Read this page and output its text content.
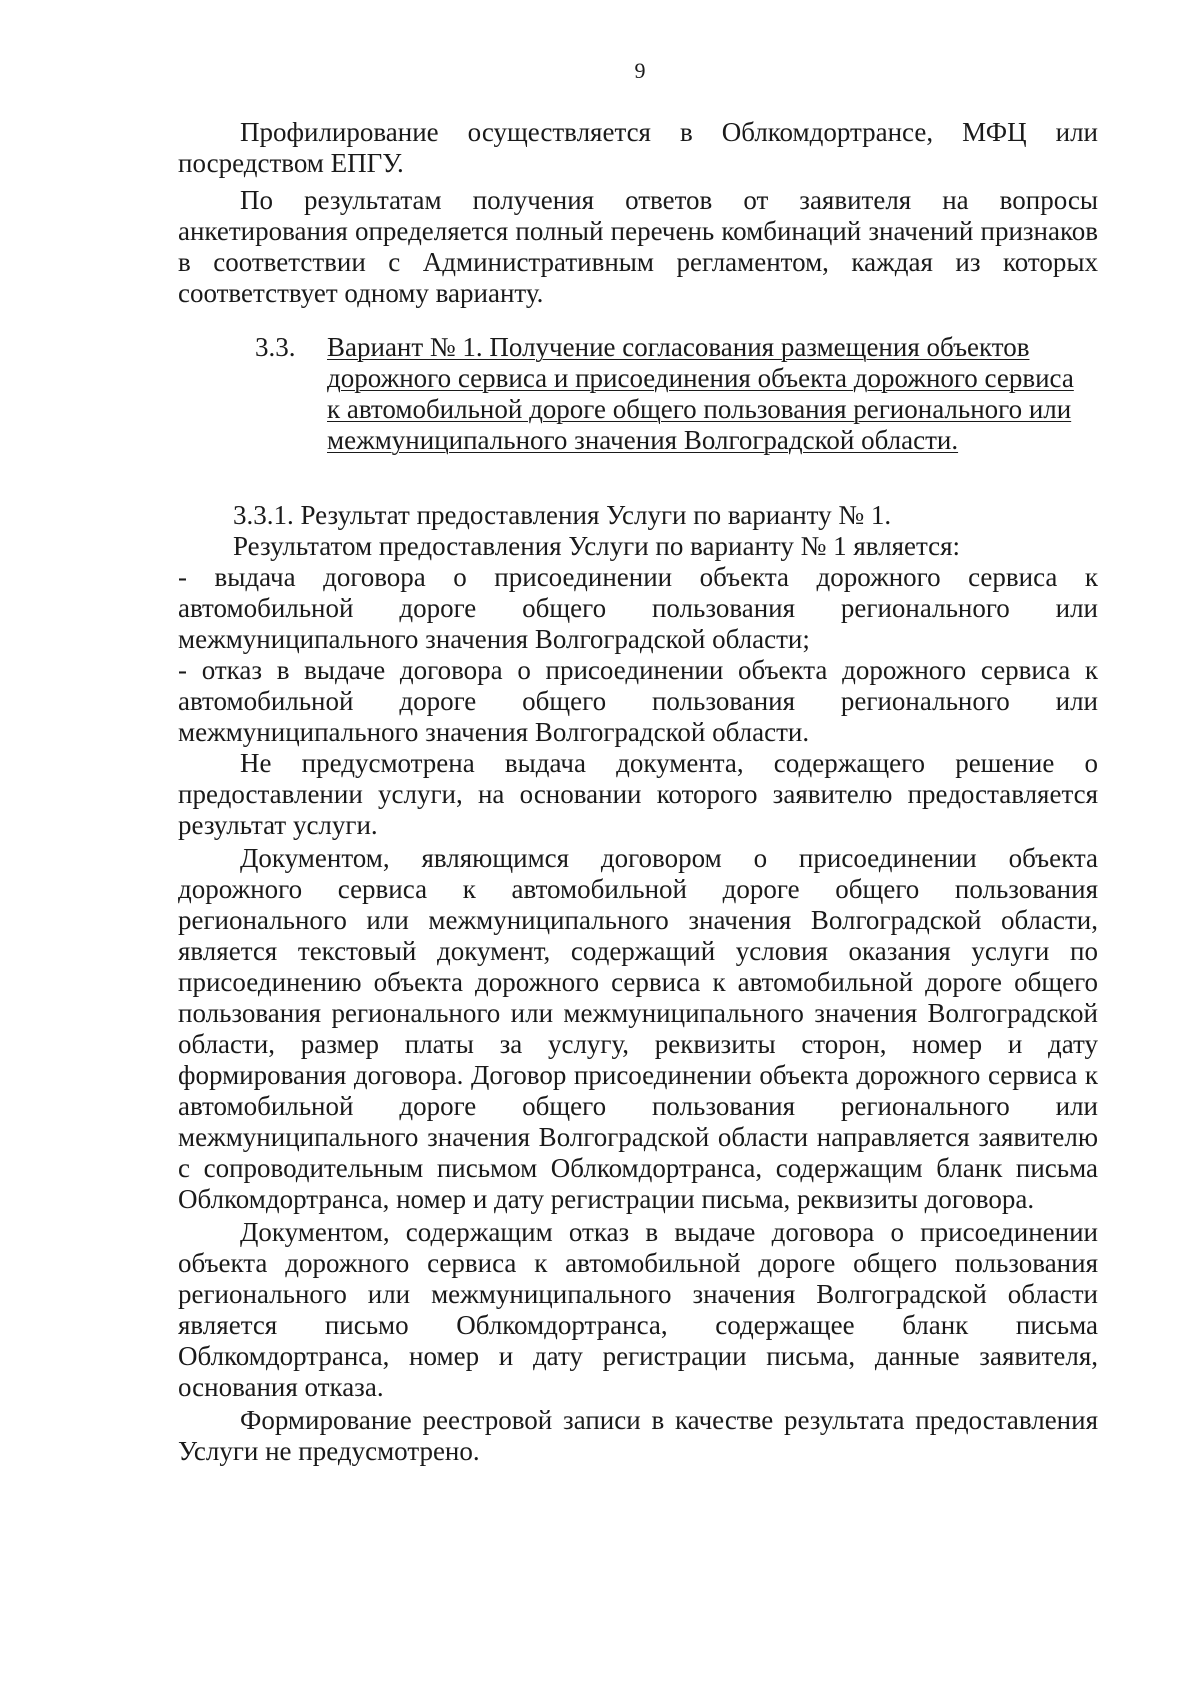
9

Профилирование осуществляется в Облкомдортрансе, МФЦ или посредством ЕПГУ.

По результатам получения ответов от заявителя на вопросы анкетирования определяется полный перечень комбинаций значений признаков в соответствии с Административным регламентом, каждая из которых соответствует одному варианту.

3.3. Вариант № 1. Получение согласования размещения объектов дорожного сервиса и присоединения объекта дорожного сервиса к автомобильной дороге общего пользования регионального или межмуниципального значения Волгоградской области.

3.3.1. Результат предоставления Услуги по варианту № 1.

Результатом предоставления Услуги по варианту № 1 является:

- выдача договора о присоединении объекта дорожного сервиса к автомобильной дороге общего пользования регионального или межмуниципального значения Волгоградской области;

- отказ в выдаче договора о присоединении объекта дорожного сервиса к автомобильной дороге общего пользования регионального или межмуниципального значения Волгоградской области.

Не предусмотрена выдача документа, содержащего решение о предоставлении услуги, на основании которого заявителю предоставляется результат услуги.

Документом, являющимся договором о присоединении объекта дорожного сервиса к автомобильной дороге общего пользования регионального или межмуниципального значения Волгоградской области, является текстовый документ, содержащий условия оказания услуги по присоединению объекта дорожного сервиса к автомобильной дороге общего пользования регионального или межмуниципального значения Волгоградской области, размер платы за услугу, реквизиты сторон, номер и дату формирования договора. Договор присоединении объекта дорожного сервиса к автомобильной дороге общего пользования регионального или межмуниципального значения Волгоградской области направляется заявителю с сопроводительным письмом Облкомдортранса, содержащим бланк письма Облкомдортранса, номер и дату регистрации письма, реквизиты договора.

Документом, содержащим отказ в выдаче договора о присоединении объекта дорожного сервиса к автомобильной дороге общего пользования регионального или межмуниципального значения Волгоградской области является письмо Облкомдортранса, содержащее бланк письма Облкомдортранса, номер и дату регистрации письма, данные заявителя, основания отказа.

Формирование реестровой записи в качестве результата предоставления Услуги не предусмотрено.
